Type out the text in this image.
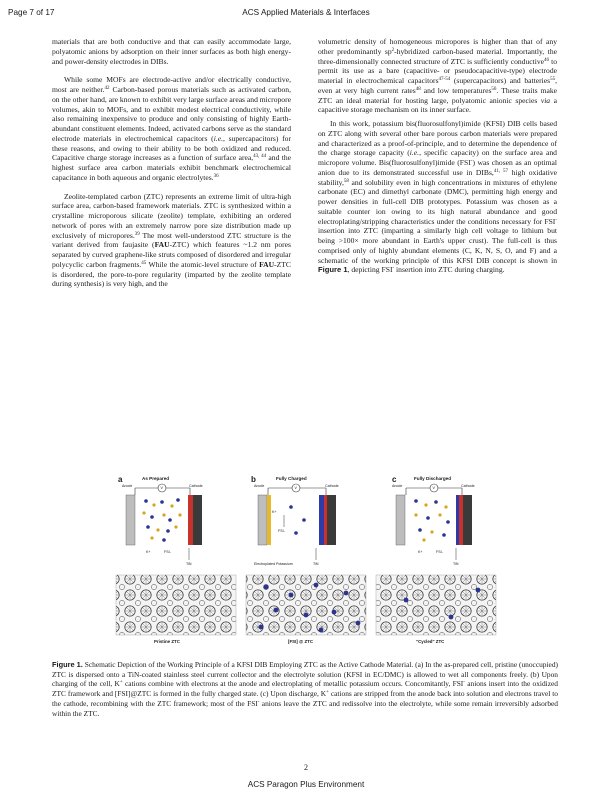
Page 7 of 17	ACS Applied Materials & Interfaces

materials that are both conductive and that can easily accommodate large, polyatomic anions by adsorption on their inner surfaces as both high energy- and power-density electrodes in DIBs.

While some MOFs are electrode-active and/or electrically conductive, most are neither.$^{42}$ Carbon-based porous materials such as activated carbon, on the other hand, are known to exhibit very large surface areas and micropore volumes, akin to MOFs, and to exhibit modest electrical conductivity, while also remaining inexpensive to produce and only consisting of highly Earth-abundant constituent elements. Indeed, activated carbons serve as the standard electrode materials in electrochemical capacitors (i.e., supercapacitors) for these reasons, and owing to their ability to be both oxidized and reduced. Capacitive charge storage increases as a function of surface area,$^{43, 44}$ and the highest surface area carbon materials exhibit benchmark electrochemical capacitance in both aqueous and organic electrolytes.$^{36}$

Zeolite-templated carbon (ZTC) represents an extreme limit of ultra-high surface area, carbon-based framework materials. ZTC is synthesized within a crystalline microporous silicate (zeolite) template, exhibiting an ordered network of pores with an extremely narrow pore size distribution made up exclusively of micropores.$^{39}$ The most well-understood ZTC structure is the variant derived from faujasite (FAU-ZTC) which features ~1.2 nm pores separated by curved graphene-like struts composed of disordered and irregular polycyclic carbon fragments.$^{45}$ While the atomic-level structure of FAU-ZTC is disordered, the pore-to-pore regularity (imparted by the zeolite template during synthesis) is very high, and the

volumetric density of homogeneous micropores is higher than that of any other predominantly $sp^2$-hybridized carbon-based material. Importantly, the three-dimensionally connected structure of ZTC is sufficiently conductive$^{46}$ to permit its use as a bare (capacitive- or pseudocapacitive-type) electrode material in electrochemical capacitors$^{47-54}$ (supercapacitors) and batteries$^{55}$, even at very high current rates$^{48}$ and low temperatures$^{56}$. These traits make ZTC an ideal material for hosting large, polyatomic anionic species via a capacitive storage mechanism on its inner surface.

In this work, potassium bis(fluorosulfonyl)imide (KFSI) DIB cells based on ZTC along with several other bare porous carbon materials were prepared and characterized as a proof-of-principle, and to determine the dependence of the charge storage capacity (i.e., specific capacity) on the surface area and micropore volume. Bis(fluorosulfonyl)imide (FSI-) was chosen as an optimal anion due to its demonstrated successful use in DIBs,$^{41, 57}$ high oxidative stability,$^{58}$ and solubility even in high concentrations in mixtures of ethylene carbonate (EC) and dimethyl carbonate (DMC), permitting high energy and power densities in full-cell DIB prototypes. Potassium was chosen as a suitable counter ion owing to its high natural abundance and good electroplating/stripping characteristics under the conditions necessary for FSI- insertion into ZTC (imparting a similarly high cell voltage to lithium but being >100× more abundant in Earth's upper crust). The full-cell is thus comprised only of highly abundant elements (C, K, N, S, O, and F) and a schematic of the working principle of this KFSI DIB concept is shown in Figure 1, depicting FSI- insertion into ZTC during charging.

a	As Prepared	b	Fully Charged	c	Fully Discharged
Anode	Cathode	Anode	Cathode	Anode	Cathode
V	V	V
K+	FSI-
TiN
FSI-
K+
Electroplated Potassium	TiN
K+	FSI-
TiN
Pristine ZTC	[FSI] @ ZTC	"Cycled" ZTC
Figure 1. Schematic Depiction of the Working Principle of a KFSI DIB Employing ZTC as the Active Cathode Material. (a) In the as-prepared cell, pristine (unoccupied) ZTC is dispersed onto a TiN-coated stainless steel current collector and the electrolyte solution (KFSI in EC/DMC) is allowed to wet all components freely. (b) Upon charging of the cell, K+ cations combine with electrons at the anode and electroplating of metallic potassium occurs. Concomitantly, FSI- anions insert into the oxidized ZTC framework and [FSI]@ZTC is formed in the fully charged state. (c) Upon discharge, K+ cations are stripped from the anode back into solution and electrons travel to the cathode, recombining with the ZTC framework; most of the FSI- anions leave the ZTC and redissolve into the electrolyte, while some remain irreversibly adsorbed within the ZTC.
2
ACS Paragon Plus Environment
